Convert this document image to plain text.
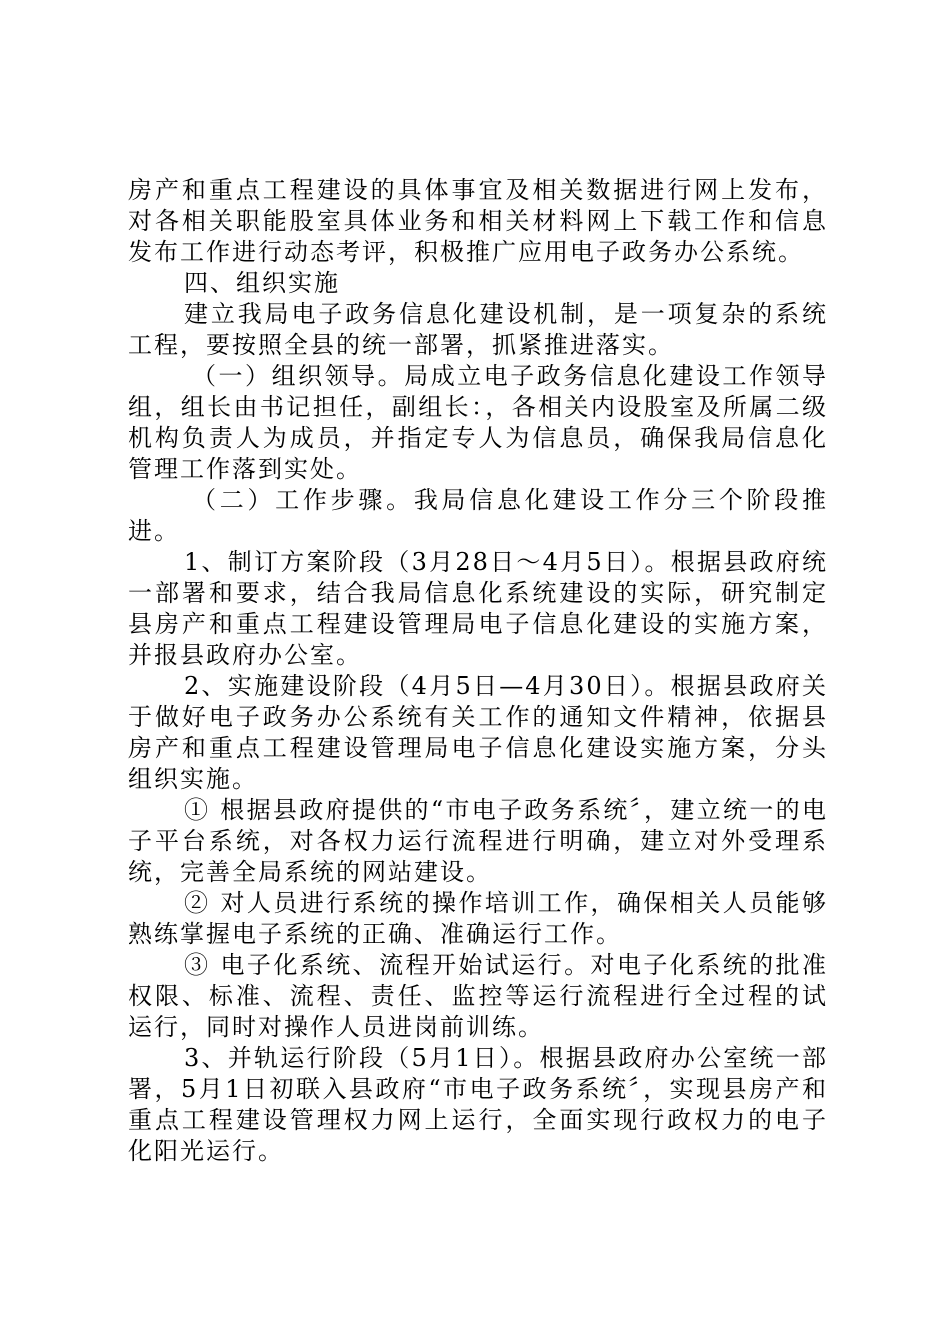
房产和重点工程建设的具体事宜及相关数据进行网上发布，对各相关职能股室具体业务和相关材料网上下载工作和信息发布工作进行动态考评，积极推广应用电子政务办公系统。

四、组织实施

建立我局电子政务信息化建设机制，是一项复杂的系统工程，要按照全县的统一部署，抓紧推进落实。

（一）组织领导。局成立电子政务信息化建设工作领导组，组长由书记担任，副组长：，各相关内设股室及所属二级机构负责人为成员，并指定专人为信息员，确保我局信息化管理工作落到实处。

（二）工作步骤。我局信息化建设工作分三个阶段推进。

1、制订方案阶段（3月28日～4月5日）。根据县政府统一部署和要求，结合我局信息化系统建设的实际，研究制定县房产和重点工程建设管理局电子信息化建设的实施方案，并报县政府办公室。

2、实施建设阶段（4月5日—4月30日）。根据县政府关于做好电子政务办公系统有关工作的通知文件精神，依据县房产和重点工程建设管理局电子信息化建设实施方案，分头组织实施。

① 根据县政府提供的“市电子政务系统〞，建立统一的电子平台系统，对各权力运行流程进行明确，建立对外受理系统，完善全局系统的网站建设。

② 对人员进行系统的操作培训工作，确保相关人员能够熟练掌握电子系统的正确、准确运行工作。

③ 电子化系统、流程开始试运行。对电子化系统的批准权限、标准、流程、责任、监控等运行流程进行全过程的试运行，同时对操作人员进岗前训练。

3、并轨运行阶段（5月1日）。根据县政府办公室统一部署，5月1日初联入县政府“市电子政务系统〞，实现县房产和重点工程建设管理权力网上运行，全面实现行政权力的电子化阳光运行。
